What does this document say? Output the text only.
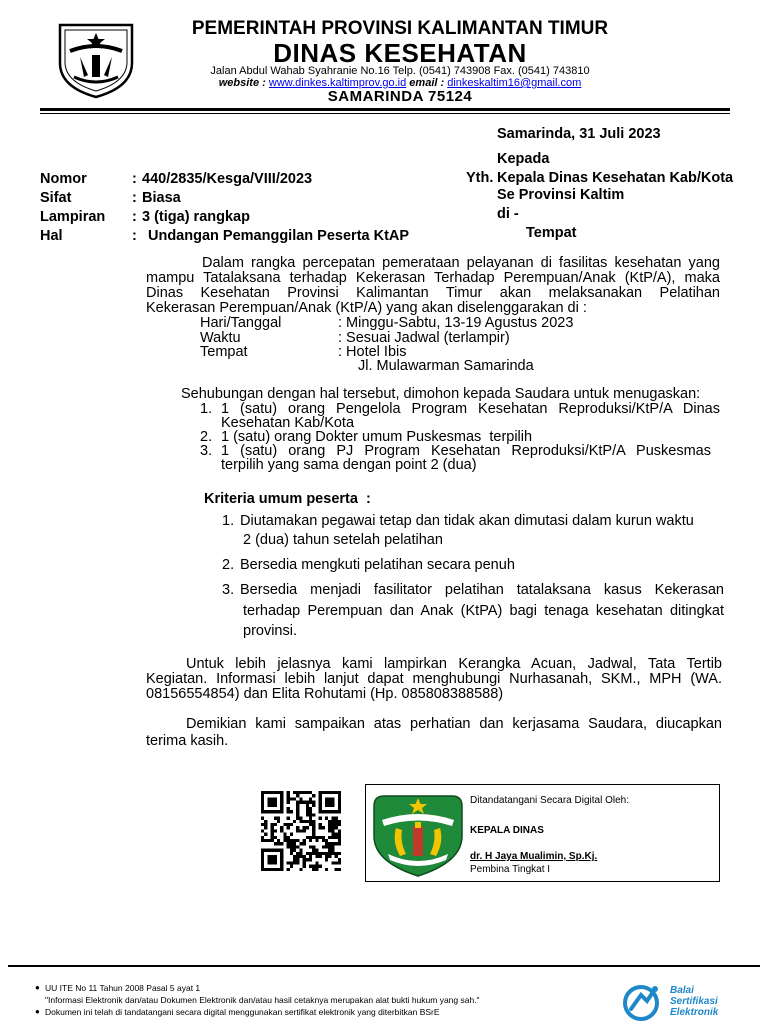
PEMERINTAH PROVINSI KALIMANTAN TIMUR
DINAS KESEHATAN
Jalan Abdul Wahab Syahranie No.16 Telp. (0541) 743908 Fax. (0541) 743810
website : www.dinkes.kaltimprov.go.id email : dinkeskaltim16@gmail.com
SAMARINDA 75124
Samarinda, 31 Juli 2023
Kepada
Yth. Kepala Dinas Kesehatan Kab/Kota
Se Provinsi Kaltim
di -
Tempat
Nomor	: 440/2835/Kesga/VIII/2023
Sifat	: Biasa
Lampiran : 3 (tiga) rangkap
Hal	: Undangan Pemanggilan Peserta KtAP
Dalam rangka percepatan pemerataan pelayanan di fasilitas kesehatan yang
mampu Tatalaksana terhadap Kekerasan Terhadap Perempuan/Anak (KtP/A), maka
Dinas Kesehatan Provinsi Kalimantan Timur akan melaksanakan Pelatihan
Kekerasan Perempuan/Anak (KtP/A) yang akan diselenggarakan di :
Hari/Tanggal	: Minggu-Sabtu, 13-19 Agustus 2023
Waktu	: Sesuai Jadwal (terlampir)
Tempat	: Hotel Ibis
Jl. Mulawarman Samarinda
Sehubungan dengan hal tersebut, dimohon kepada Saudara untuk menugaskan:
1. 1 (satu) orang Pengelola Program Kesehatan Reproduksi/KtP/A Dinas
Kesehatan Kab/Kota
2. 1 (satu) orang Dokter umum Puskesmas  terpilih
3. 1 (satu) orang PJ Program Kesehatan Reproduksi/KtP/A Puskesmas
terpilih yang sama dengan point 2 (dua)
Kriteria umum peserta  :
1. Diutamakan pegawai tetap dan tidak akan dimutasi dalam kurun waktu
2 (dua) tahun setelah pelatihan
2. Bersedia mengkuti pelatihan secara penuh
3. Bersedia menjadi fasilitator pelatihan tatalaksana kasus Kekerasan
terhadap Perempuan dan Anak (KtPA) bagi tenaga kesehatan ditingkat
provinsi.
Untuk lebih jelasnya kami lampirkan Kerangka Acuan, Jadwal, Tata Tertib
Kegiatan. Informasi lebih lanjut dapat menghubungi Nurhasanah, SKM., MPH (WA.
08156554854) dan Elita Rohutami (Hp. 085808388588)
Demikian kami sampaikan atas perhatian dan kerjasama Saudara, diucapkan
terima kasih.
Ditandatangani Secara Digital Oleh:
KEPALA DINAS
dr. H Jaya Mualimin, Sp.Kj.
Pembina Tingkat I
● UU ITE No 11 Tahun 2008 Pasal 5 ayat 1
"Informasi Elektronik dan/atau Dokumen Elektronik dan/atau hasil cetaknya merupakan alat bukti hukum yang sah."
● Dokumen ini telah di tandatangani secara digital menggunakan sertifikat elektronik yang diterbitkan BSrE
Balai
Sertifikasi
Elektronik
